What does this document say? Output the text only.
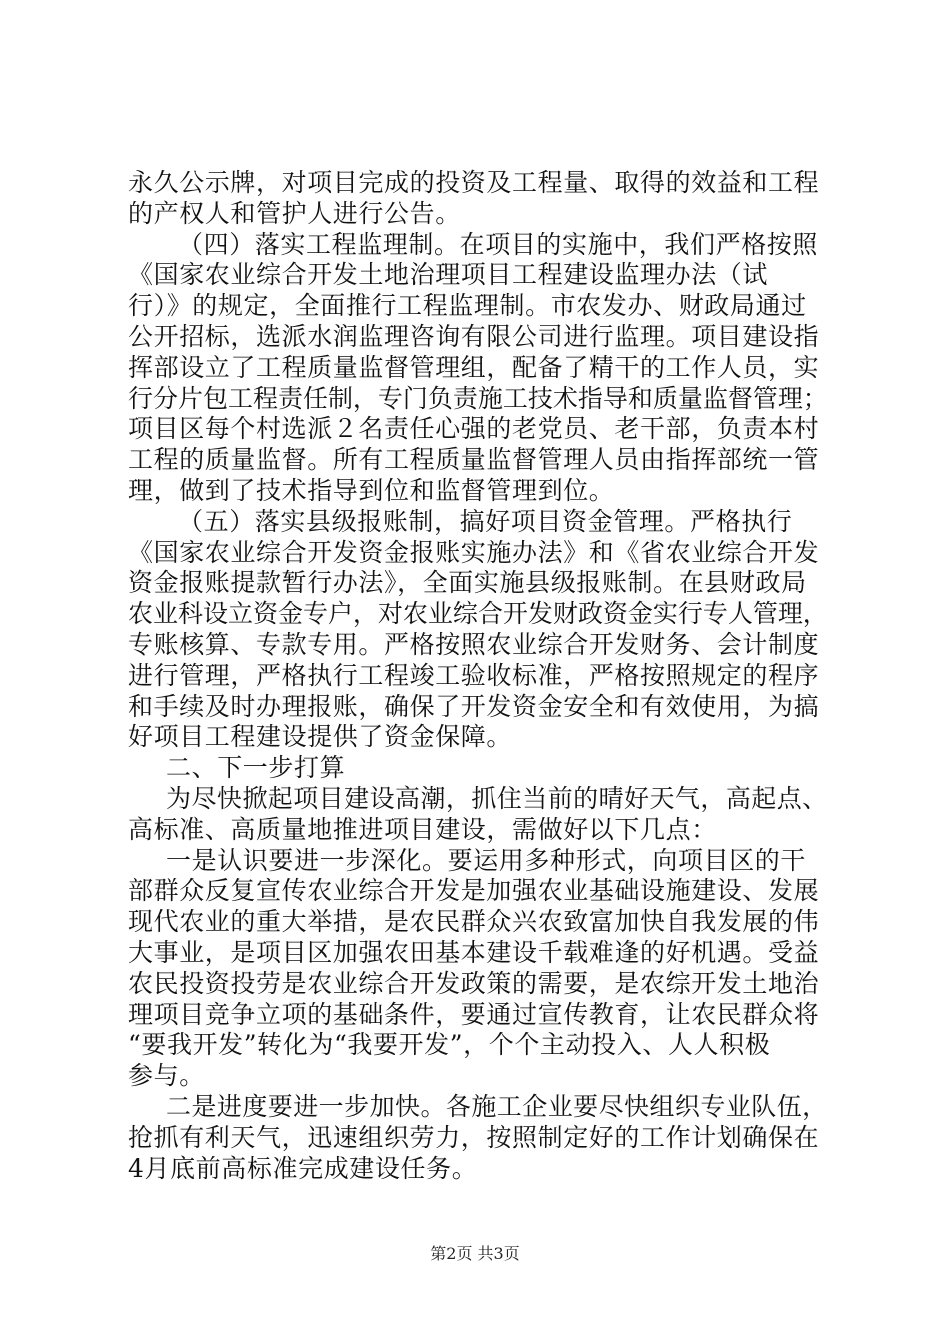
永久公示牌，对项目完成的投资及工程量、取得的效益和工程
的产权人和管护人进行公告。
（四）落实工程监理制。在项目的实施中，我们严格按照
《国家农业综合开发土地治理项目工程建设监理办法（试
行）》的规定，全面推行工程监理制。市农发办、财政局通过
公开招标，选派水润监理咨询有限公司进行监理。项目建设指
挥部设立了工程质量监督管理组，配备了精干的工作人员，实
行分片包工程责任制，专门负责施工技术指导和质量监督管理；
项目区每个村选派２名责任心强的老党员、老干部，负责本村
工程的质量监督。所有工程质量监督管理人员由指挥部统一管
理，做到了技术指导到位和监督管理到位。
（五）落实县级报账制，搞好项目资金管理。严格执行
《国家农业综合开发资金报账实施办法》和《省农业综合开发
资金报账提款暂行办法》，全面实施县级报账制。在县财政局
农业科设立资金专户，对农业综合开发财政资金实行专人管理，
专账核算、专款专用。严格按照农业综合开发财务、会计制度
进行管理，严格执行工程竣工验收标准，严格按照规定的程序
和手续及时办理报账，确保了开发资金安全和有效使用，为搞
好项目工程建设提供了资金保障。
二、下一步打算
为尽快掀起项目建设高潮，抓住当前的晴好天气，高起点、
高标准、高质量地推进项目建设，需做好以下几点：
一是认识要进一步深化。要运用多种形式，向项目区的干
部群众反复宣传农业综合开发是加强农业基础设施建设、发展
现代农业的重大举措，是农民群众兴农致富加快自我发展的伟
大事业，是项目区加强农田基本建设千载难逢的好机遇。受益
农民投资投劳是农业综合开发政策的需要，是农综开发土地治
理项目竞争立项的基础条件，要通过宣传教育，让农民群众将
“要我开发”转化为“我要开发”，个个主动投入、人人积极
参与。
二是进度要进一步加快。各施工企业要尽快组织专业队伍，
抢抓有利天气，迅速组织劳力，按照制定好的工作计划确保在
4月底前高标准完成建设任务。
第2页 共3页
